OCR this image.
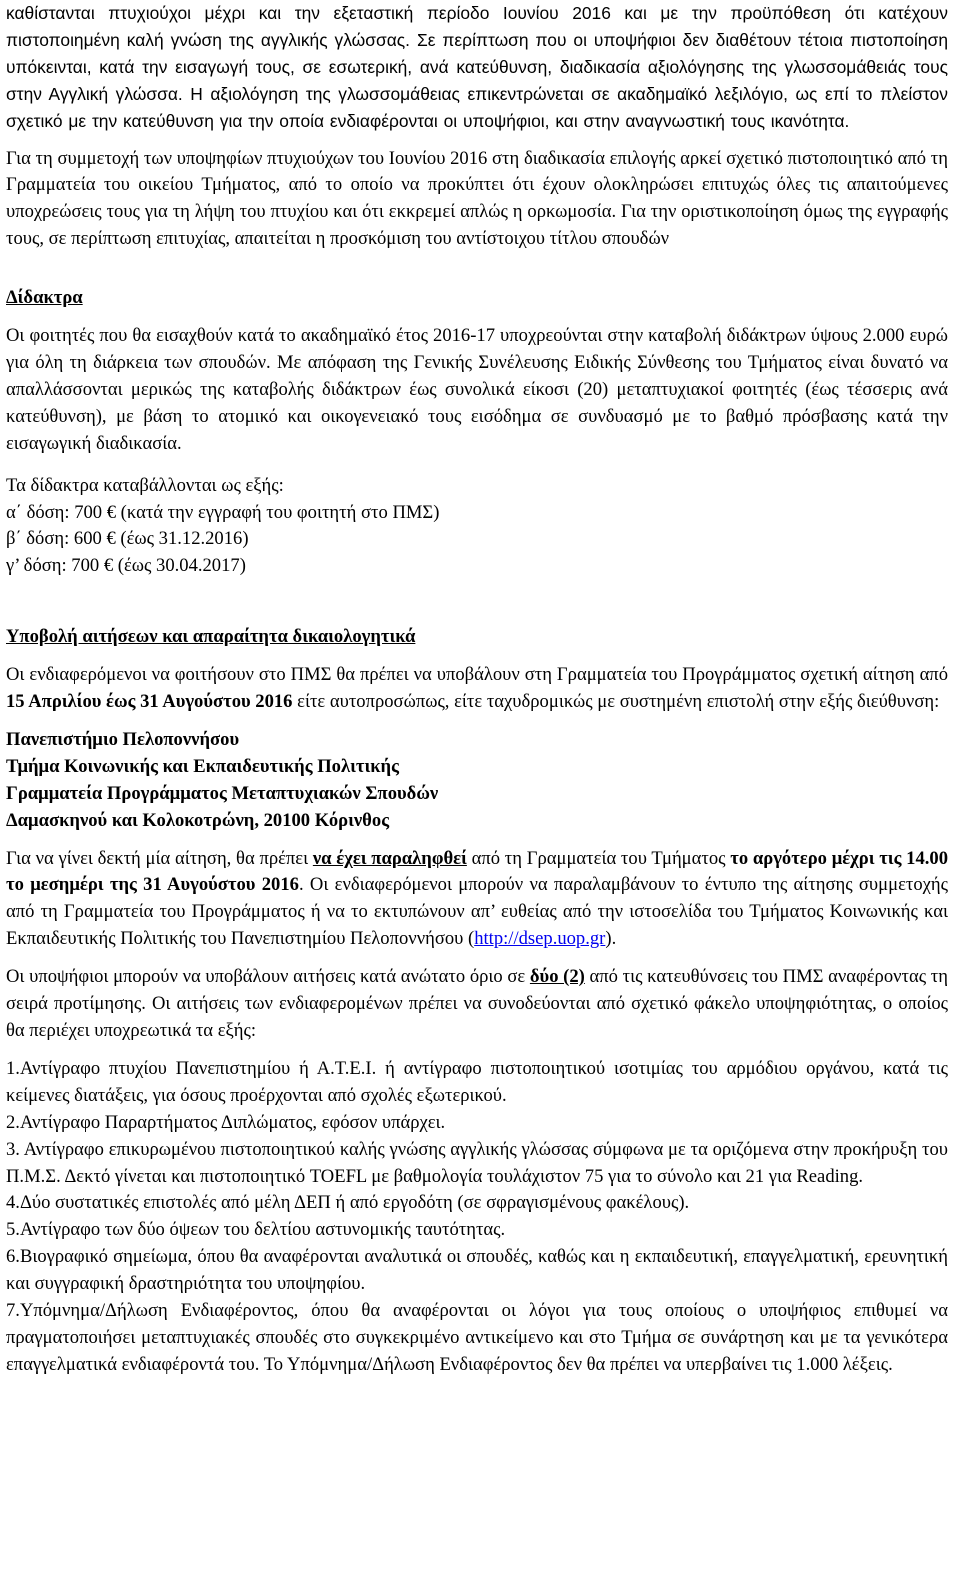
καθίστανται πτυχιούχοι μέχρι και την εξεταστική περίοδο Ιουνίου 2016 και με την προϋπόθεση ότι κατέχουν πιστοποιημένη καλή γνώση της αγγλικής γλώσσας. Σε περίπτωση που οι υποψήφιοι δεν διαθέτουν τέτοια πιστοποίηση υπόκεινται, κατά την εισαγωγή τους, σε εσωτερική, ανά κατεύθυνση, διαδικασία αξιολόγησης της γλωσσομάθειάς τους στην Αγγλική γλώσσα. Η αξιολόγηση της γλωσσομάθειας επικεντρώνεται σε ακαδημαϊκό λεξιλόγιο, ως επί το πλείστον σχετικό με την κατεύθυνση για την οποία ενδιαφέρονται οι υποψήφιοι, και στην αναγνωστική τους ικανότητα.

Για τη συμμετοχή των υποψηφίων πτυχιούχων του Ιουνίου 2016 στη διαδικασία επιλογής αρκεί σχετικό πιστοποιητικό από τη Γραμματεία του οικείου Τμήματος, από το οποίο να προκύπτει ότι έχουν ολοκληρώσει επιτυχώς όλες τις απαιτούμενες υποχρεώσεις τους για τη λήψη του πτυχίου και ότι εκκρεμεί απλώς η ορκωμοσία. Για την οριστικοποίηση όμως της εγγραφής τους, σε περίπτωση επιτυχίας, απαιτείται η προσκόμιση του αντίστοιχου τίτλου σπουδών

Δίδακτρα

Οι φοιτητές που θα εισαχθούν κατά το ακαδημαϊκό έτος 2016-17 υποχρεούνται στην καταβολή διδάκτρων ύψους 2.000 ευρώ για όλη τη διάρκεια των σπουδών. Με απόφαση της Γενικής Συνέλευσης Ειδικής Σύνθεσης του Τμήματος είναι δυνατό να απαλλάσσονται μερικώς της καταβολής διδάκτρων έως συνολικά είκοσι (20) μεταπτυχιακοί φοιτητές (έως τέσσερις ανά κατεύθυνση), με βάση το ατομικό και οικογενειακό τους εισόδημα σε συνδυασμό με το βαθμό πρόσβασης κατά την εισαγωγική διαδικασία.

Τα δίδακτρα καταβάλλονται ως εξής:

α΄ δόση: 700 € (κατά την εγγραφή του φοιτητή στο ΠΜΣ)

β΄ δόση: 600 € (έως 31.12.2016)

γ’ δόση: 700 € (έως 30.04.2017)

Υποβολή αιτήσεων και απαραίτητα δικαιολογητικά

Οι ενδιαφερόμενοι να φοιτήσουν στο ΠΜΣ θα πρέπει να υποβάλουν στη Γραμματεία του Προγράμματος σχετική αίτηση από 15 Απριλίου έως 31 Αυγούστου 2016 είτε αυτοπροσώπως, είτε ταχυδρομικώς με συστημένη επιστολή στην εξής διεύθυνση:

Πανεπιστήμιο Πελοποννήσου

Τμήμα Κοινωνικής και Εκπαιδευτικής Πολιτικής

Γραμματεία Προγράμματος Μεταπτυχιακών Σπουδών

Δαμασκηνού και Κολοκοτρώνη, 20100 Κόρινθος

Για να γίνει δεκτή μία αίτηση, θα πρέπει να έχει παραληφθεί από τη Γραμματεία του Τμήματος το αργότερο μέχρι τις 14.00 το μεσημέρι της 31 Αυγούστου 2016. Οι ενδιαφερόμενοι μπορούν να παραλαμβάνουν το έντυπο της αίτησης συμμετοχής από τη Γραμματεία του Προγράμματος ή να το εκτυπώνουν απ’ ευθείας από την ιστοσελίδα του Τμήματος Κοινωνικής και Εκπαιδευτικής Πολιτικής του Πανεπιστημίου Πελοποννήσου (http://dsep.uop.gr).

Οι υποψήφιοι μπορούν να υποβάλουν αιτήσεις κατά ανώτατο όριο σε δύο (2) από τις κατευθύνσεις του ΠΜΣ αναφέροντας τη σειρά προτίμησης. Οι αιτήσεις των ενδιαφερομένων πρέπει να συνοδεύονται από σχετικό φάκελο υποψηφιότητας, ο οποίος θα περιέχει υποχρεωτικά τα εξής:

1.Αντίγραφο πτυχίου Πανεπιστημίου ή Α.Τ.Ε.Ι. ή αντίγραφο πιστοποιητικού ισοτιμίας του αρμόδιου οργάνου, κατά τις κείμενες διατάξεις, για όσους προέρχονται από σχολές εξωτερικού.
2.Αντίγραφο Παραρτήματος Διπλώματος, εφόσον υπάρχει.
3. Αντίγραφο επικυρωμένου πιστοποιητικού καλής γνώσης αγγλικής γλώσσας σύμφωνα με τα οριζόμενα στην προκήρυξη του Π.Μ.Σ. Δεκτό γίνεται και πιστοποιητικό TOEFL με βαθμολογία τουλάχιστον 75 για το σύνολο και 21 για Reading.
4.Δύο συστατικές επιστολές από μέλη ΔΕΠ ή από εργοδότη (σε σφραγισμένους φακέλους).
5.Αντίγραφο των δύο όψεων του δελτίου αστυνομικής ταυτότητας.
6.Βιογραφικό σημείωμα, όπου θα αναφέρονται αναλυτικά οι σπουδές, καθώς και η εκπαιδευτική, επαγγελματική, ερευνητική και συγγραφική δραστηριότητα του υποψηφίου.
7.Υπόμνημα/Δήλωση Ενδιαφέροντος, όπου θα αναφέρονται οι λόγοι για τους οποίους ο υποψήφιος επιθυμεί να πραγματοποιήσει μεταπτυχιακές σπουδές στο συγκεκριμένο αντικείμενο και στο Τμήμα σε συνάρτηση και με τα γενικότερα επαγγελματικά ενδιαφέροντά του. Το Υπόμνημα/Δήλωση Ενδιαφέροντος δεν θα πρέπει να υπερβαίνει τις 1.000 λέξεις.
